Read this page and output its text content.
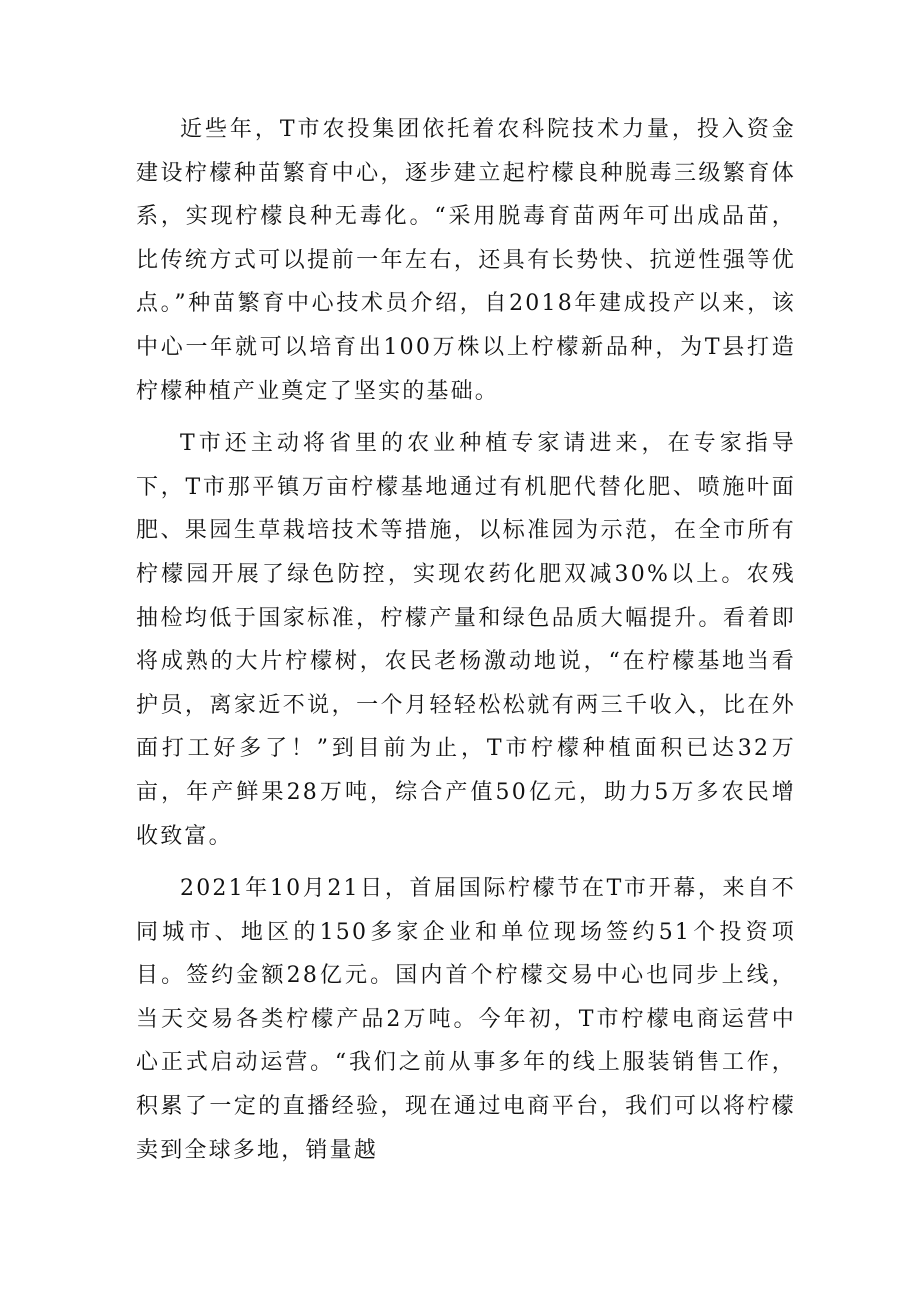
近些年，T市农投集团依托着农科院技术力量，投入资金建设柠檬种苗繁育中心，逐步建立起柠檬良种脱毒三级繁育体系，实现柠檬良种无毒化。“采用脱毒育苗两年可出成品苗，比传统方式可以提前一年左右，还具有长势快、抗逆性强等优点。”种苗繁育中心技术员介绍，自2018年建成投产以来，该中心一年就可以培育出100万株以上柠檬新品种，为T县打造柠檬种植产业奠定了坚实的基础。

T市还主动将省里的农业种植专家请进来，在专家指导下，T市那平镇万亩柠檬基地通过有机肥代替化肥、喷施叶面肥、果园生草栽培技术等措施，以标准园为示范，在全市所有柠檬园开展了绿色防控，实现农药化肥双减30%以上。农残抽检均低于国家标准，柠檬产量和绿色品质大幅提升。看着即将成熟的大片柠檬树，农民老杨激动地说，“在柠檬基地当看护员，离家近不说，一个月轻轻松松就有两三千收入，比在外面打工好多了！”到目前为止，T市柠檬种植面积已达32万亩，年产鲜果28万吨，综合产值50亿元，助力5万多农民增收致富。

2021年10月21日，首届国际柠檬节在T市开幕，来自不同城市、地区的150多家企业和单位现场签约51个投资项目。签约金额28亿元。国内首个柠檬交易中心也同步上线，当天交易各类柠檬产品2万吨。今年初，T市柠檬电商运营中心正式启动运营。“我们之前从事多年的线上服装销售工作，积累了一定的直播经验，现在通过电商平台，我们可以将柠檬卖到全球多地，销量越
